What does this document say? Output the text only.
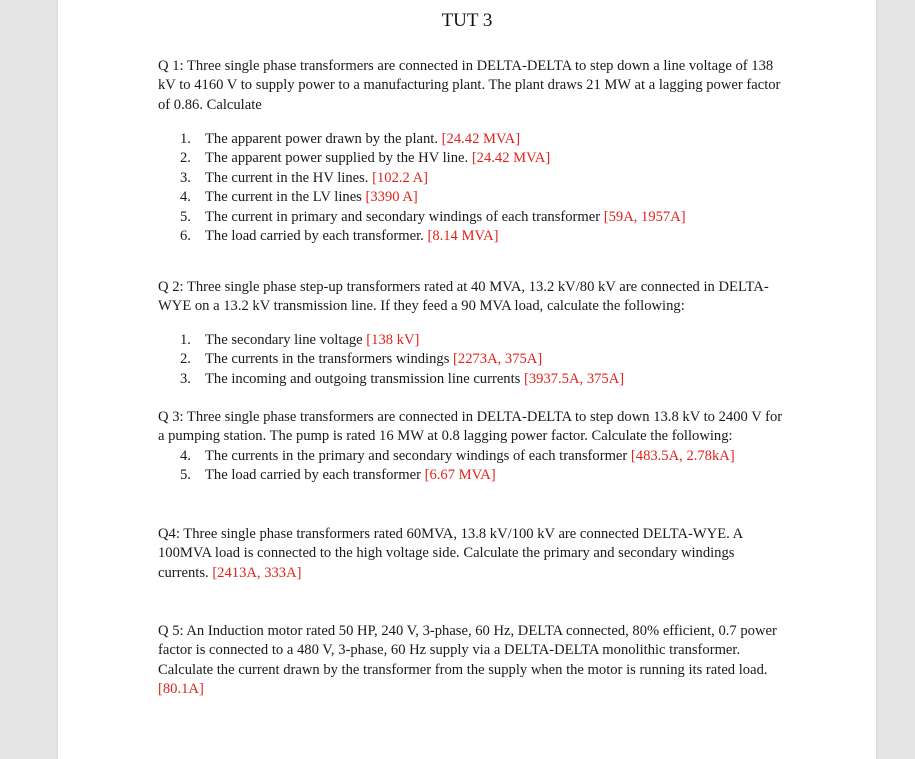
TUT 3
Q 1: Three single phase transformers are connected in DELTA-DELTA to step down a line voltage of 138 kV to 4160 V to supply power to a manufacturing plant. The plant draws 21 MW at a lagging power factor of 0.86. Calculate
1. The apparent power drawn by the plant. [24.42 MVA]
2. The apparent power supplied by the HV line. [24.42 MVA]
3. The current in the HV lines. [102.2 A]
4. The current in the LV lines [3390 A]
5. The current in primary and secondary windings of each transformer [59A, 1957A]
6. The load carried by each transformer. [8.14 MVA]
Q 2: Three single phase step-up transformers rated at 40 MVA, 13.2 kV/80 kV are connected in DELTA-WYE on a 13.2 kV transmission line. If they feed a 90 MVA load, calculate the following:
1. The secondary line voltage [138 kV]
2. The currents in the transformers windings [2273A, 375A]
3. The incoming and outgoing transmission line currents [3937.5A, 375A]
Q 3: Three single phase transformers are connected in DELTA-DELTA to step down 13.8 kV to 2400 V for a pumping station. The pump is rated 16 MW at 0.8 lagging power factor. Calculate the following:
4. The currents in the primary and secondary windings of each transformer [483.5A, 2.78kA]
5. The load carried by each transformer [6.67 MVA]
Q4: Three single phase transformers rated 60MVA, 13.8 kV/100 kV are connected DELTA-WYE. A 100MVA load is connected to the high voltage side. Calculate the primary and secondary windings currents. [2413A, 333A]
Q 5: An Induction motor rated 50 HP, 240 V, 3-phase, 60 Hz, DELTA connected, 80% efficient, 0.7 power factor is connected to a 480 V, 3-phase, 60 Hz supply via a DELTA-DELTA monolithic transformer. Calculate the current drawn by the transformer from the supply when the motor is running its rated load. [80.1A]
